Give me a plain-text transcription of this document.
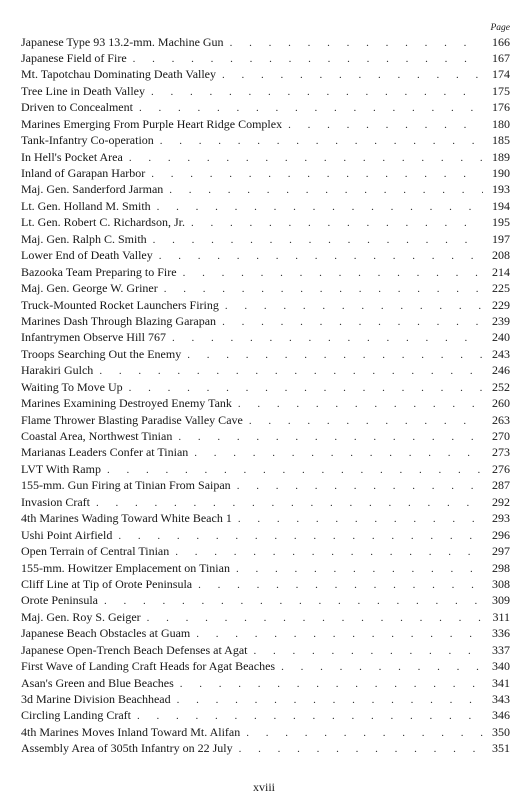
Page
Japanese Type 93 13.2-mm. Machine Gun . . .	166
Japanese Field of Fire . . .	167
Mt. Tapotchau Dominating Death Valley . . .	174
Tree Line in Death Valley . . .	175
Driven to Concealment . . .	176
Marines Emerging From Purple Heart Ridge Complex . . .	180
Tank-Infantry Co-operation . . .	185
In Hell's Pocket Area . . .	189
Inland of Garapan Harbor . . .	190
Maj. Gen. Sanderford Jarman . . .	193
Lt. Gen. Holland M. Smith . . .	194
Lt. Gen. Robert C. Richardson, Jr. . . .	195
Maj. Gen. Ralph C. Smith . . .	197
Lower End of Death Valley . . .	208
Bazooka Team Preparing to Fire . . .	214
Maj. Gen. George W. Griner . . .	225
Truck-Mounted Rocket Launchers Firing . . .	229
Marines Dash Through Blazing Garapan . . .	239
Infantrymen Observe Hill 767 . . .	240
Troops Searching Out the Enemy . . .	243
Harakiri Gulch . . .	246
Waiting To Move Up . . .	252
Marines Examining Destroyed Enemy Tank . . .	260
Flame Thrower Blasting Paradise Valley Cave . . .	263
Coastal Area, Northwest Tinian . . .	270
Marianas Leaders Confer at Tinian . . .	273
LVT With Ramp . . .	276
155-mm. Gun Firing at Tinian From Saipan . . .	287
Invasion Craft . . .	292
4th Marines Wading Toward White Beach 1 . . .	293
Ushi Point Airfield . . .	296
Open Terrain of Central Tinian . . .	297
155-mm. Howitzer Emplacement on Tinian . . .	298
Cliff Line at Tip of Orote Peninsula . . .	308
Orote Peninsula . . .	309
Maj. Gen. Roy S. Geiger . . .	311
Japanese Beach Obstacles at Guam . . .	336
Japanese Open-Trench Beach Defenses at Agat . . .	337
First Wave of Landing Craft Heads for Agat Beaches . . .	340
Asan's Green and Blue Beaches . . .	341
3d Marine Division Beachhead . . .	343
Circling Landing Craft . . .	346
4th Marines Moves Inland Toward Mt. Alifan . . .	350
Assembly Area of 305th Infantry on 22 July . . .	351
xviii
